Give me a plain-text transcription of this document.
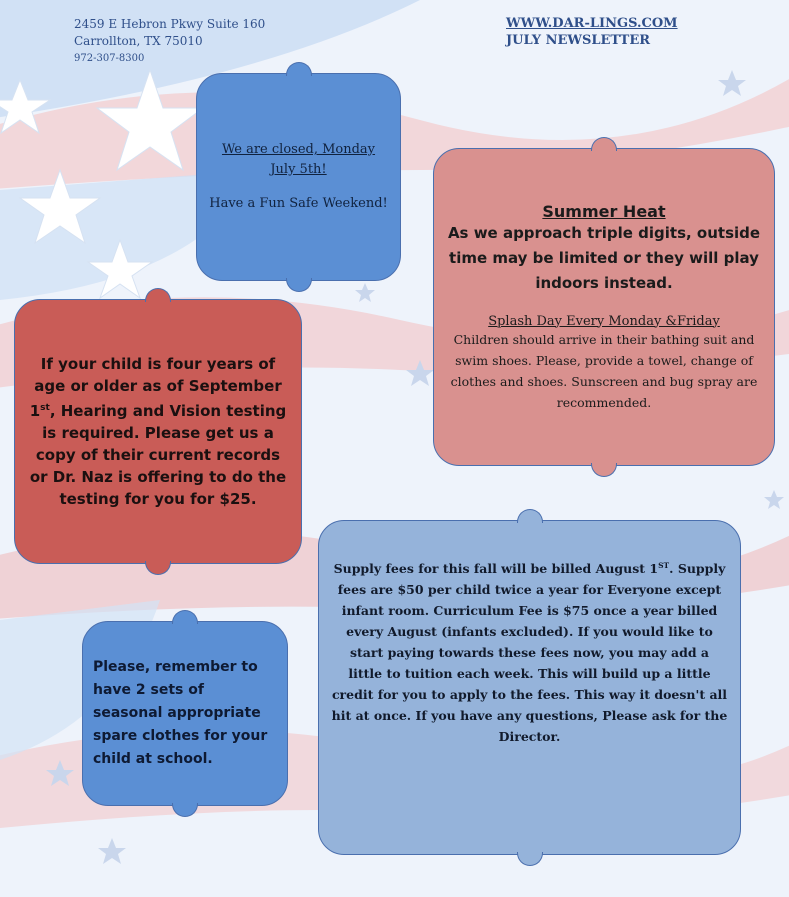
2459 E Hebron Pkwy Suite 160
Carrollton, TX 75010
972-307-8300
WWW.DAR-LINGS.COM
JULY NEWSLETTER

We are closed, Monday July 5th!

Have a Fun Safe Weekend!	Summer Heat

As we approach triple digits, outside time may be limited or they will play indoors instead.

Splash Day Every Monday &Friday

Children should arrive in their bathing suit and swim shoes. Please, provide a towel, change of clothes and shoes. Sunscreen and bug spray are recommended.

If your child is four years of age or older as of September 1st, Hearing and Vision testing is required. Please get us a copy of their current records or Dr. Naz is offering to do the testing for you for $25.

Please, remember to have 2 sets of seasonal appropriate spare clothes for your child at school.

Supply fees for this fall will be billed August 1ST. Supply fees are $50 per child twice a year for Everyone except infant room. Curriculum Fee is $75 once a year billed every August (infants excluded). If you would like to start paying towards these fees now, you may add a little to tuition each week. This will build up a little credit for you to apply to the fees. This way it doesn't all hit at once. If you have any questions, Please ask for the Director.
